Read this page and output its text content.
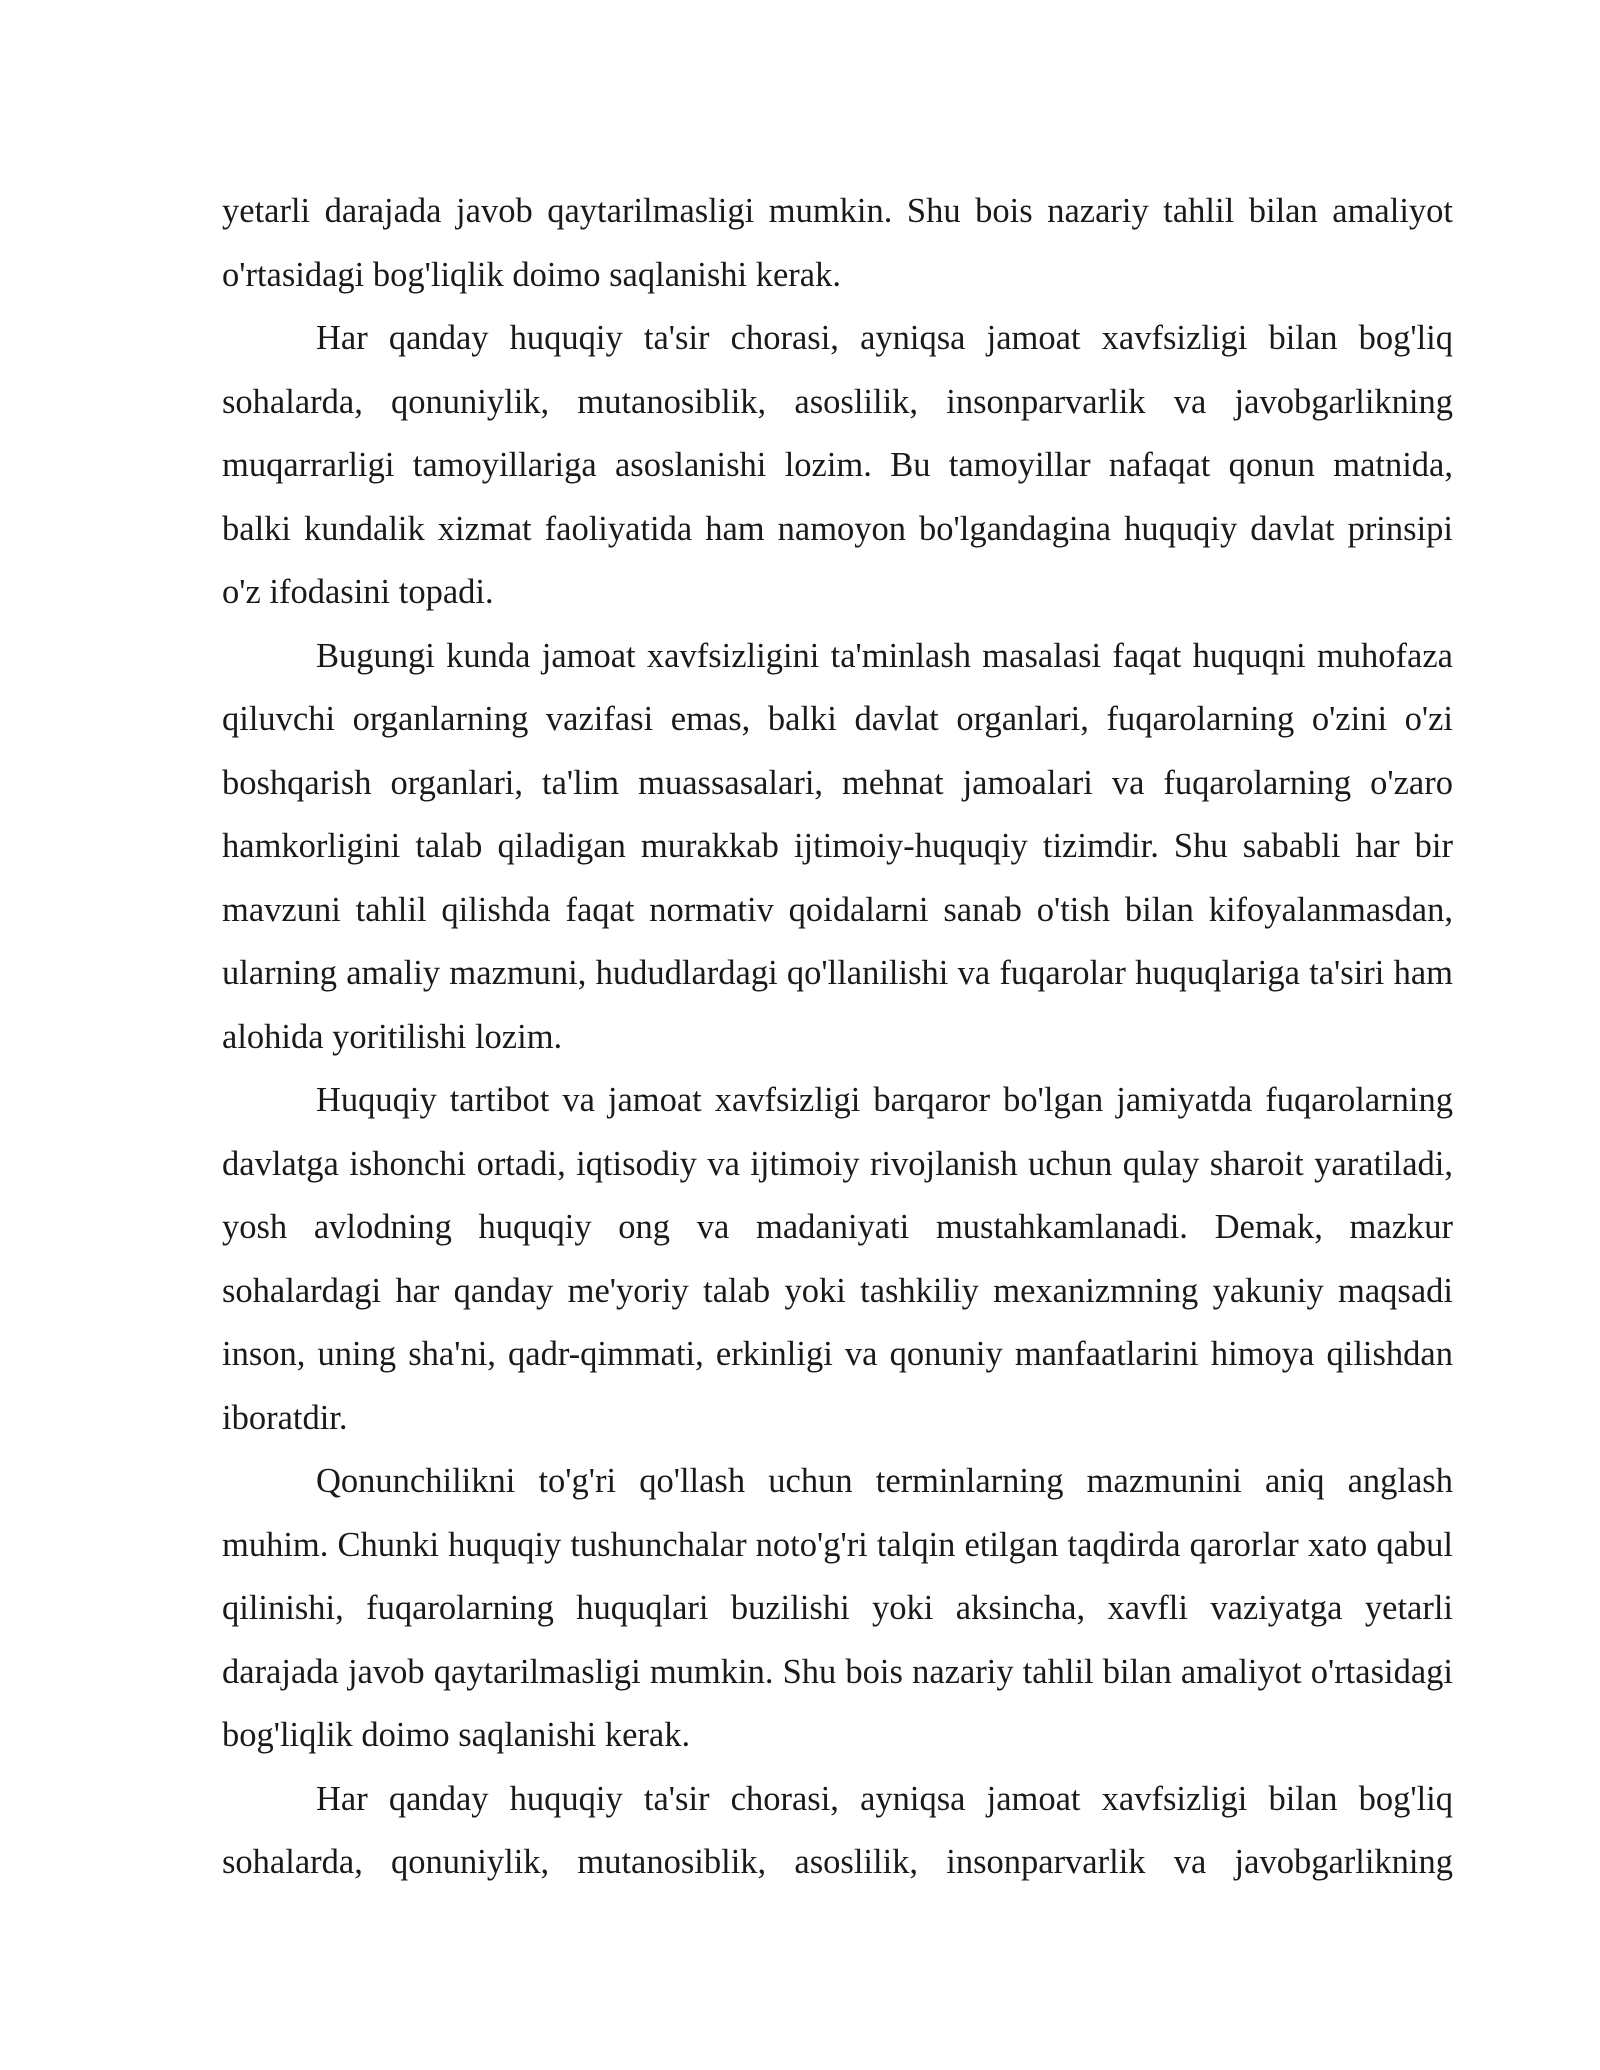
yetarli darajada javob qaytarilmasligi mumkin. Shu bois nazariy tahlil bilan amaliyot o'rtasidagi bog'liqlik doimo saqlanishi kerak.

Har qanday huquqiy ta'sir chorasi, ayniqsa jamoat xavfsizligi bilan bog'liq sohalarda, qonuniylik, mutanosiblik, asoslilik, insonparvarlik va javobgarlikning muqarrarligi tamoyillariga asoslanishi lozim. Bu tamoyillar nafaqat qonun matnida, balki kundalik xizmat faoliyatida ham namoyon bo'lgandagina huquqiy davlat prinsipi o'z ifodasini topadi.

Bugungi kunda jamoat xavfsizligini ta'minlash masalasi faqat huquqni muhofaza qiluvchi organlarning vazifasi emas, balki davlat organlari, fuqarolarning o'zini o'zi boshqarish organlari, ta'lim muassasalari, mehnat jamoalari va fuqarolarning o'zaro hamkorligini talab qiladigan murakkab ijtimoiy-huquqiy tizimdir. Shu sababli har bir mavzuni tahlil qilishda faqat normativ qoidalarni sanab o'tish bilan kifoyalanmasdan, ularning amaliy mazmuni, hududlardagi qo'llanilishi va fuqarolar huquqlariga ta'siri ham alohida yoritilishi lozim.

Huquqiy tartibot va jamoat xavfsizligi barqaror bo'lgan jamiyatda fuqarolarning davlatga ishonchi ortadi, iqtisodiy va ijtimoiy rivojlanish uchun qulay sharoit yaratiladi, yosh avlodning huquqiy ong va madaniyati mustahkamlanadi. Demak, mazkur sohalardagi har qanday me'yoriy talab yoki tashkiliy mexanizmning yakuniy maqsadi inson, uning sha'ni, qadr-qimmati, erkinligi va qonuniy manfaatlarini himoya qilishdan iboratdir.

Qonunchilikni to'g'ri qo'llash uchun terminlarning mazmunini aniq anglash muhim. Chunki huquqiy tushunchalar noto'g'ri talqin etilgan taqdirda qarorlar xato qabul qilinishi, fuqarolarning huquqlari buzilishi yoki aksincha, xavfli vaziyatga yetarli darajada javob qaytarilmasligi mumkin. Shu bois nazariy tahlil bilan amaliyot o'rtasidagi bog'liqlik doimo saqlanishi kerak.

Har qanday huquqiy ta'sir chorasi, ayniqsa jamoat xavfsizligi bilan bog'liq sohalarda, qonuniylik, mutanosiblik, asoslilik, insonparvarlik va javobgarlikning
